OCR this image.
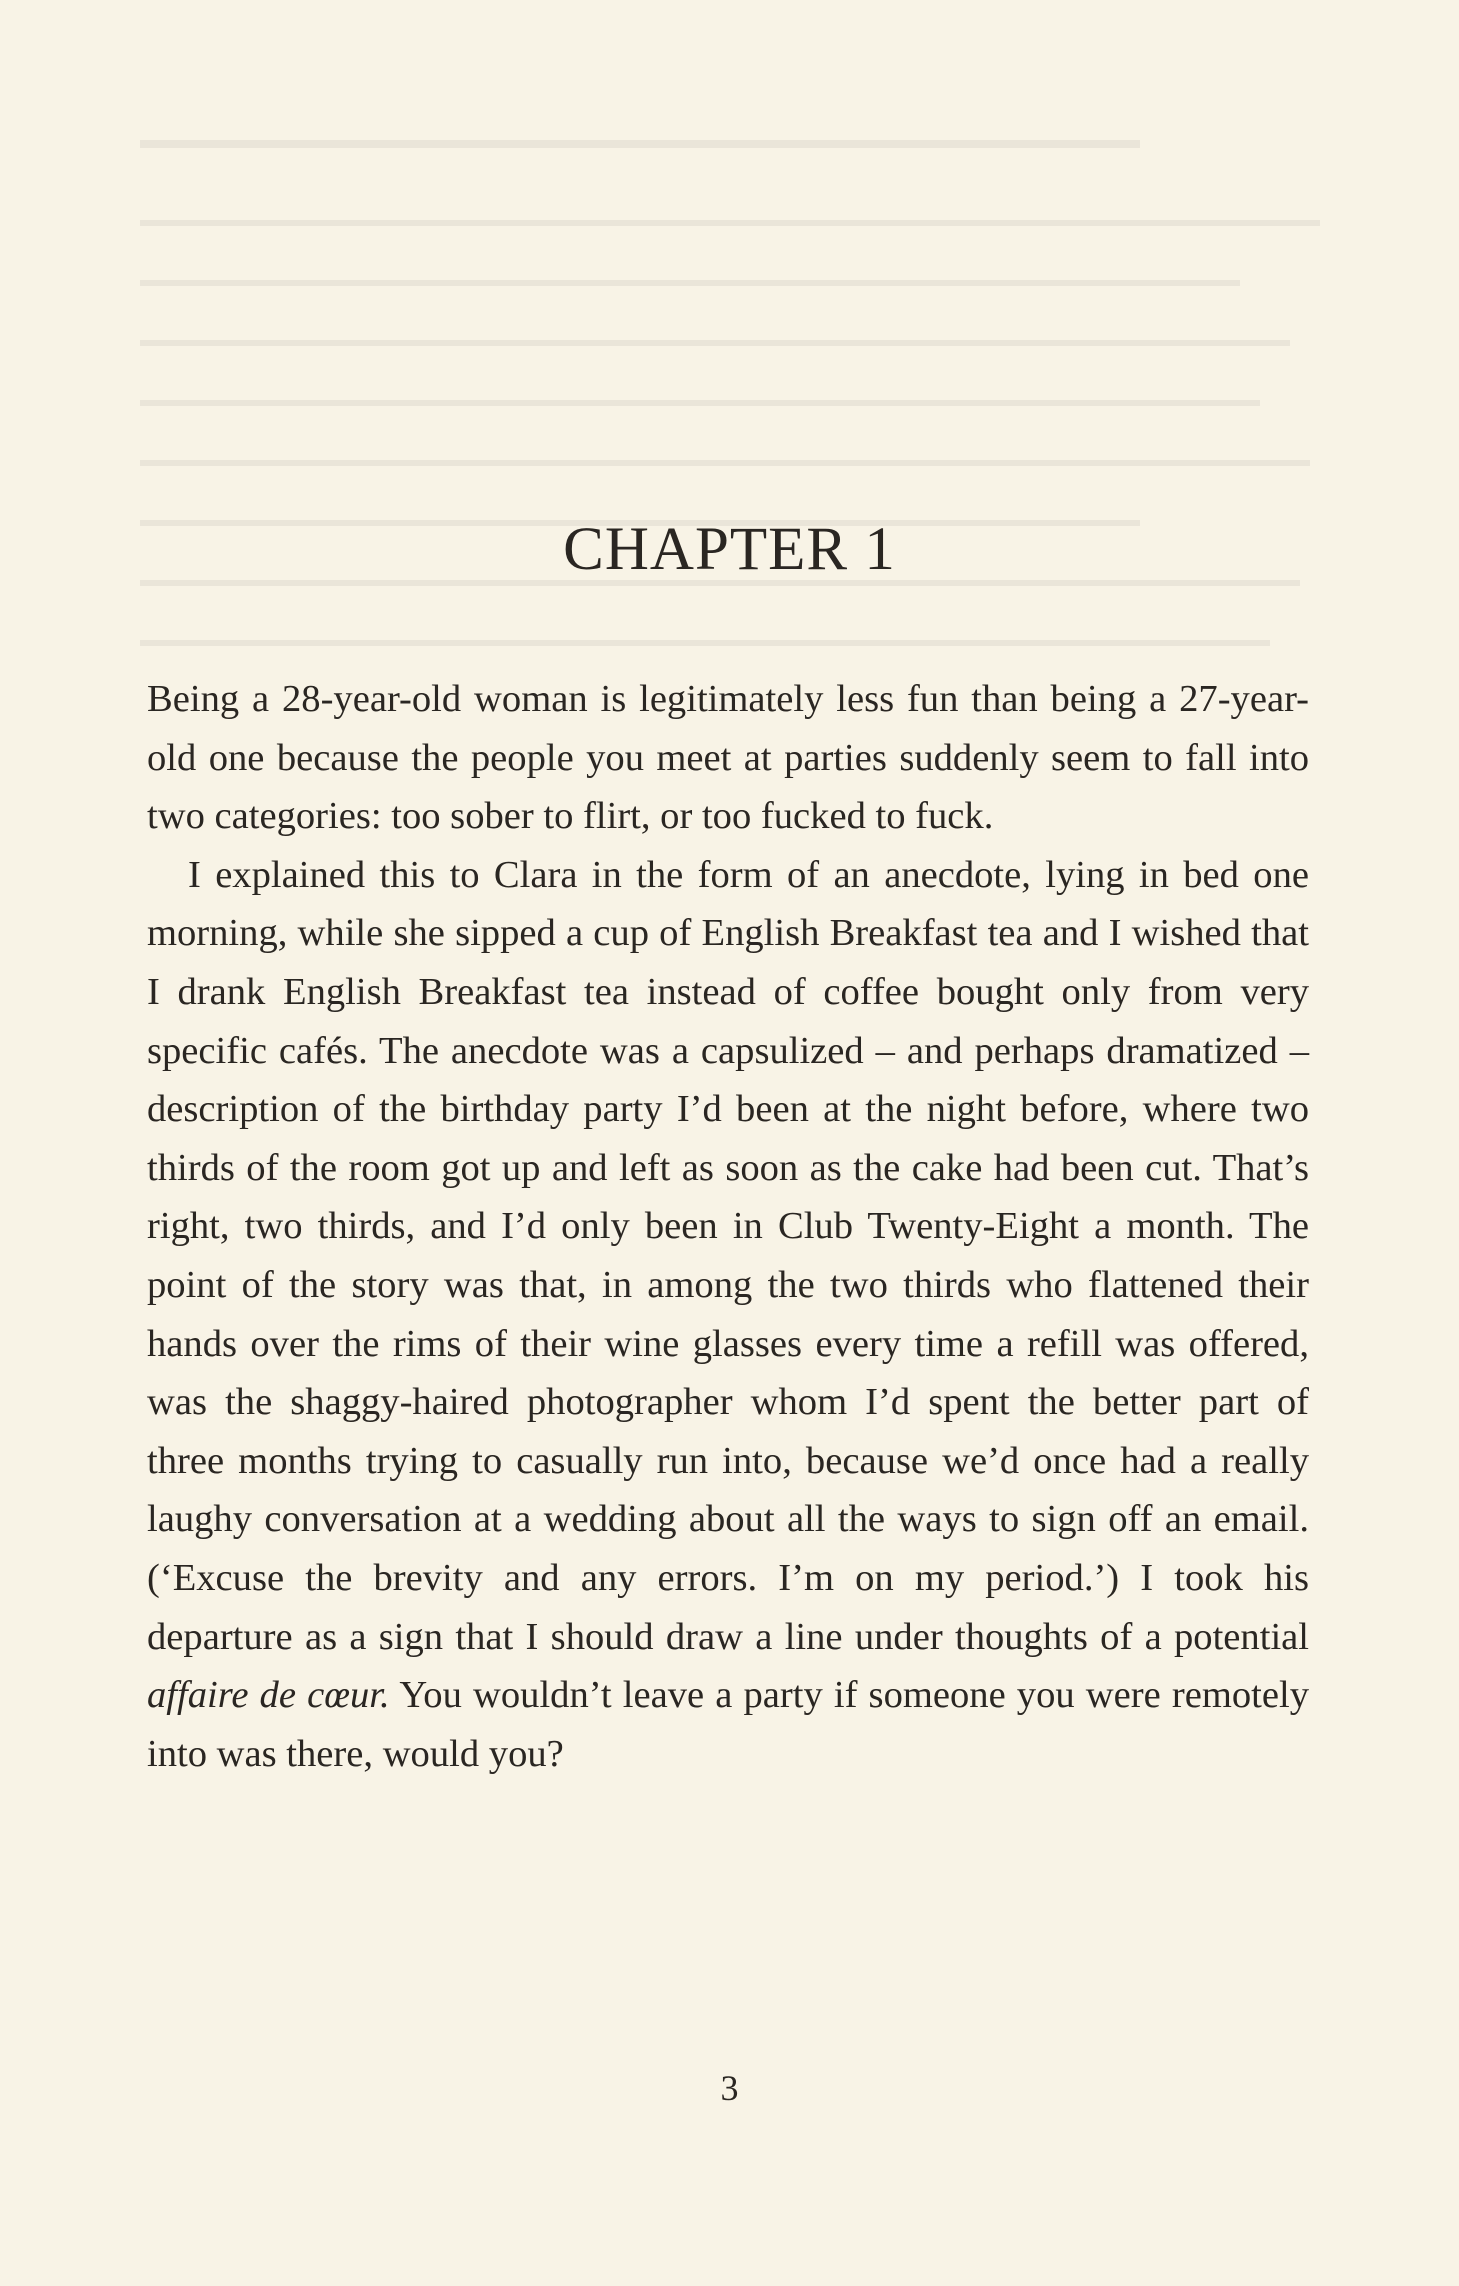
CHAPTER 1

Being a 28-year-old woman is legitimately less fun than being a 27-year-old one because the people you meet at parties suddenly seem to fall into two categories: too sober to flirt, or too fucked to fuck.

I explained this to Clara in the form of an anecdote, lying in bed one morning, while she sipped a cup of English Breakfast tea and I wished that I drank English Breakfast tea instead of coffee bought only from very specific cafés. The anecdote was a capsulized – and perhaps dramatized – description of the birthday party I’d been at the night before, where two thirds of the room got up and left as soon as the cake had been cut. That’s right, two thirds, and I’d only been in Club Twenty-Eight a month. The point of the story was that, in among the two thirds who flattened their hands over the rims of their wine glasses every time a refill was offered, was the shaggy-haired photographer whom I’d spent the better part of three months trying to casually run into, because we’d once had a really laughy conversation at a wedding about all the ways to sign off an email. (‘Excuse the brevity and any errors. I’m on my period.’) I took his departure as a sign that I should draw a line under thoughts of a potential affaire de cœur. You wouldn’t leave a party if someone you were remotely into was there, would you?

3
